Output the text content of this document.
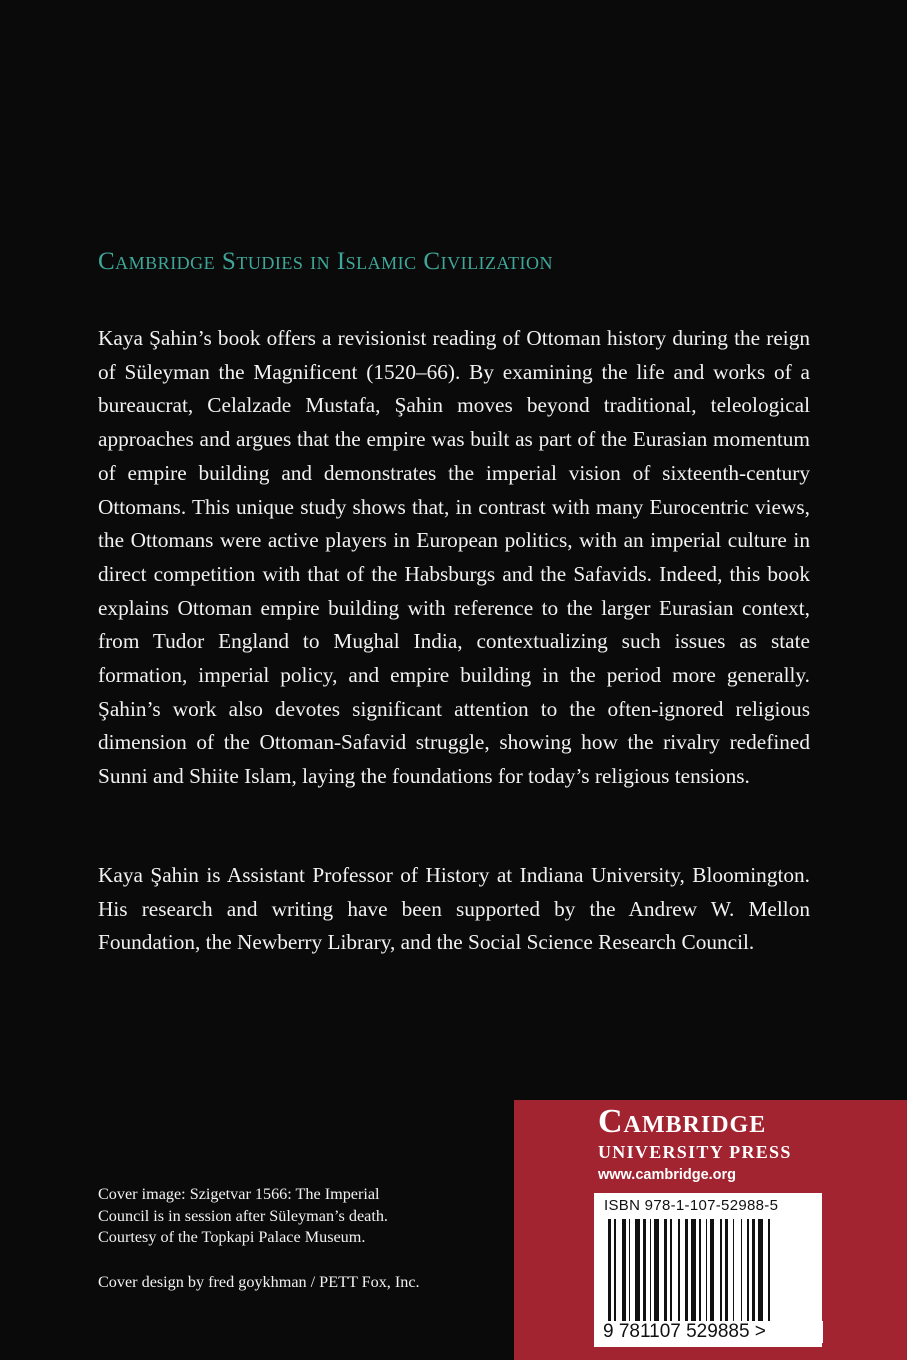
Cambridge Studies in Islamic Civilization
Kaya Şahin’s book offers a revisionist reading of Ottoman history during the reign of Süleyman the Magnificent (1520–66). By examining the life and works of a bureaucrat, Celalzade Mustafa, Şahin moves beyond traditional, teleological approaches and argues that the empire was built as part of the Eurasian momentum of empire building and demonstrates the imperial vision of sixteenth-century Ottomans. This unique study shows that, in contrast with many Eurocentric views, the Ottomans were active players in European politics, with an imperial culture in direct competition with that of the Habsburgs and the Safavids. Indeed, this book explains Ottoman empire building with reference to the larger Eurasian context, from Tudor England to Mughal India, contextualizing such issues as state formation, imperial policy, and empire building in the period more generally. Şahin’s work also devotes significant attention to the often-ignored religious dimension of the Ottoman-Safavid struggle, showing how the rivalry redefined Sunni and Shiite Islam, laying the foundations for today’s religious tensions.
Kaya Şahin is Assistant Professor of History at Indiana University, Bloomington. His research and writing have been supported by the Andrew W. Mellon Foundation, the Newberry Library, and the Social Science Research Council.

Cover image: Szigetvar 1566: The Imperial

Council is in session after Süleyman’s death.

Courtesy of the Topkapi Palace Museum.

Cover design by fred goykhman / PETT Fox, Inc.
Cambridge
UNIVERSITY PRESS
www.cambridge.org
ISBN 978-1-107-52988-5
9 781107 529885 >
